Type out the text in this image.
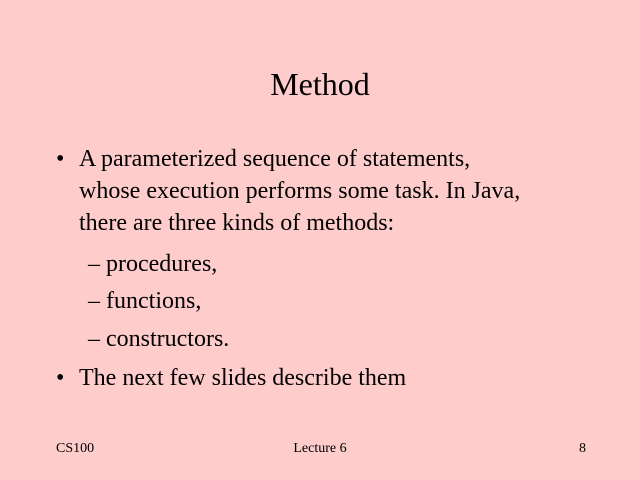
Method
• A parameterized sequence of statements,
whose execution performs some task. In Java,
there are three kinds of methods:
– procedures,
– functions,
– constructors.
• The next few slides describe them
CS100	Lecture 6	8
